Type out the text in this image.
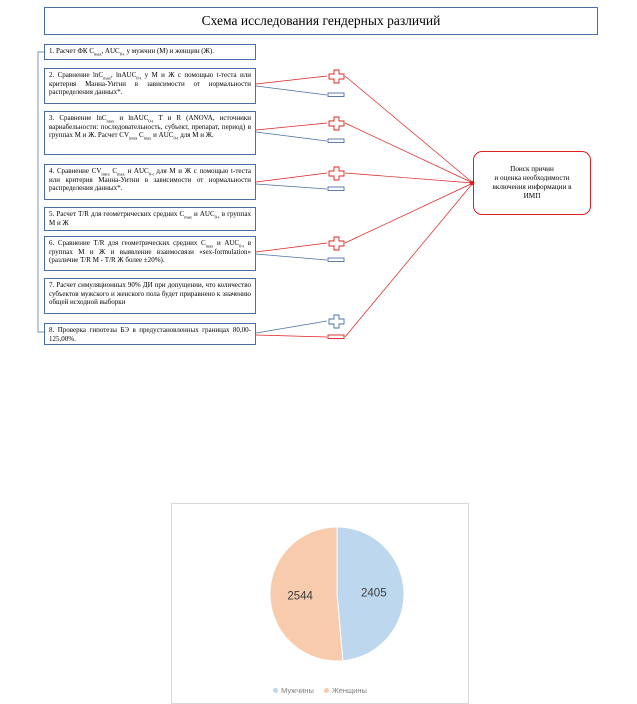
Схема исследования гендерных различий
1. Расчет ФК $C_{max}$, $AUC_{0-t}$ у мужчин (М) и женщин (Ж).
2. Сравнение lnC$_{max}$, lnAUC$_{0-t}$ у М и Ж с помощью t-теста или критерия Манна-Уитни в зависимости от нормальности распределения данных*.
3. Сравнение lnC$_{max}$ и lnAUC$_{0-t}$ T и R (ANOVA, источники вариабельности: последовательность, субъект, препарат, период) в группах М и Ж. Расчет $CV_{intra}$ $C_{max}$ и $AUC_{0-t}$ для М и Ж.
4. Сравнение $CV_{intra}$ $C_{max}$ и $AUC_{0-t}$ для М и Ж с помощью t-теста или критерия Манна-Уитни в зависимости от нормальности распределения данных*.
5. Расчет T/R для геометрических средних $C_{max}$ и $AUC_{0-t}$ в группах М и Ж
6. Сравнение T/R для геометрических средних $C_{max}$ и $AUC_{0-t}$ в группах М и Ж и выявление взаимосвязи «sex-formulation» (различие T/R М - T/R Ж более ±20%).
7. Расчет симуляционных 90% ДИ при допущении, что количество субъектов мужского и женского пола будет приравнено к значению общей исходной выборки
8. Проверка гипотезы БЭ в предустановленных границах 80,00-125,00%.
Поиск причин
и оценка необходимости
включения информации в
ИМП
2405
2544
Мужчины Женщины
